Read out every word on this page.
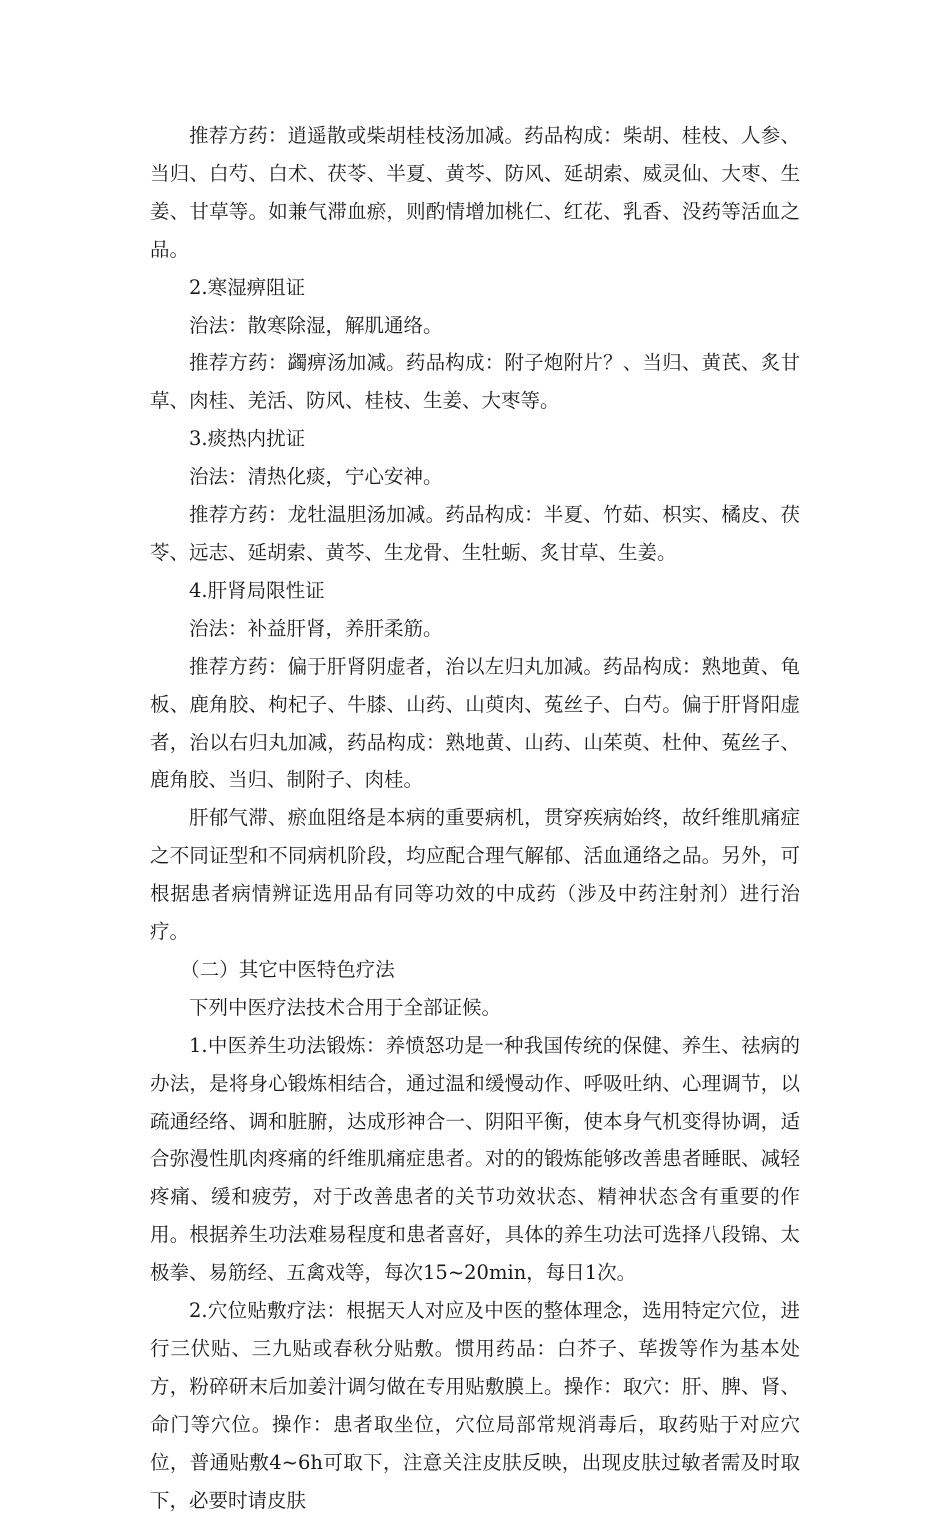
推荐方药：逍遥散或柴胡桂枝汤加减。药品构成：柴胡、桂枝、人参、当归、白芍、白术、茯苓、半夏、黄芩、防风、延胡索、威灵仙、大枣、生姜、甘草等。如兼气滞血瘀，则酌情增加桃仁、红花、乳香、没药等活血之品。

2.寒湿痹阻证

治法：散寒除湿，解肌通络。

推荐方药：蠲痹汤加减。药品构成：附子炮附片？、当归、黄芪、炙甘草、肉桂、羌活、防风、桂枝、生姜、大枣等。

3.痰热内扰证

治法：清热化痰，宁心安神。

推荐方药：龙牡温胆汤加减。药品构成：半夏、竹茹、枳实、橘皮、茯苓、远志、延胡索、黄芩、生龙骨、生牡蛎、炙甘草、生姜。

4.肝肾局限性证

治法：补益肝肾，养肝柔筋。

推荐方药：偏于肝肾阴虚者，治以左归丸加减。药品构成：熟地黄、龟板、鹿角胶、枸杞子、牛膝、山药、山萸肉、菟丝子、白芍。偏于肝肾阳虚者，治以右归丸加减，药品构成：熟地黄、山药、山茱萸、杜仲、菟丝子、鹿角胶、当归、制附子、肉桂。

肝郁气滞、瘀血阻络是本病的重要病机，贯穿疾病始终，故纤维肌痛症之不同证型和不同病机阶段，均应配合理气解郁、活血通络之品。另外，可根据患者病情辨证选用品有同等功效的中成药（涉及中药注射剂）进行治疗。

（二）其它中医特色疗法

下列中医疗法技术合用于全部证候。

1.中医养生功法锻炼：养愤怒功是一种我国传统的保健、养生、祛病的办法，是将身心锻炼相结合，通过温和缓慢动作、呼吸吐纳、心理调节，以疏通经络、调和脏腑，达成形神合一、阴阳平衡，使本身气机变得协调，适合弥漫性肌肉疼痛的纤维肌痛症患者。对的的锻炼能够改善患者睡眠、减轻疼痛、缓和疲劳，对于改善患者的关节功效状态、精神状态含有重要的作用。根据养生功法难易程度和患者喜好，具体的养生功法可选择八段锦、太极拳、易筋经、五禽戏等，每次15~20min，每日1次。

2.穴位贴敷疗法：根据天人对应及中医的整体理念，选用特定穴位，进行三伏贴、三九贴或春秋分贴敷。惯用药品：白芥子、荜拨等作为基本处方，粉碎研末后加姜汁调匀做在专用贴敷膜上。操作：取穴：肝、脾、肾、命门等穴位。操作：患者取坐位，穴位局部常规消毒后，取药贴于对应穴位，普通贴敷4~6h可取下，注意关注皮肤反映，出现皮肤过敏者需及时取下，必要时请皮肤
